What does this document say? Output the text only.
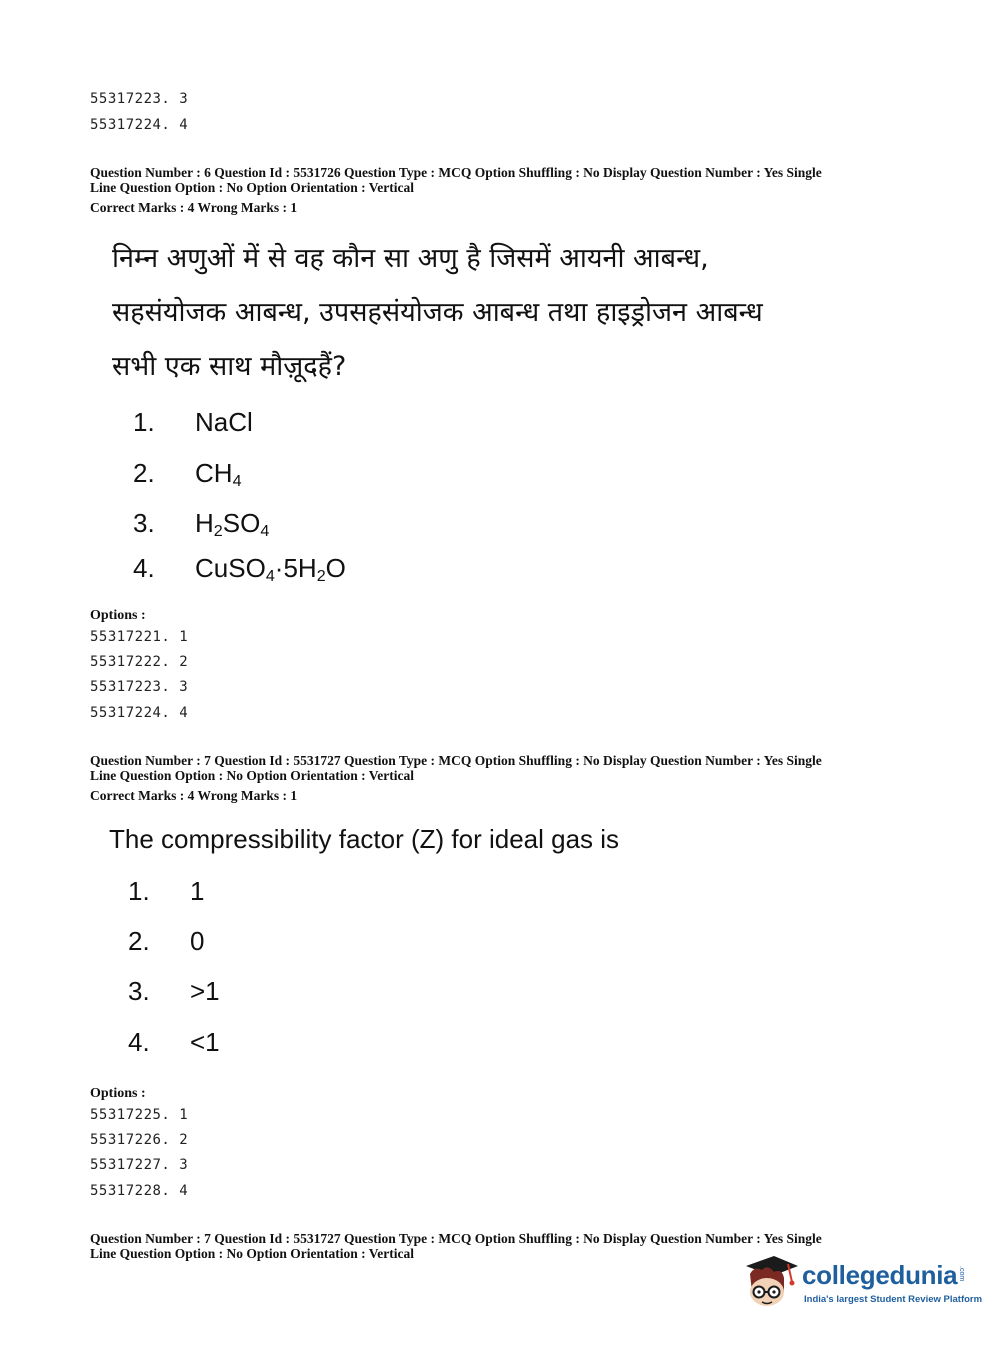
55317223. 3
55317224. 4
Question Number : 6 Question Id : 5531726 Question Type : MCQ Option Shuffling : No Display Question Number : Yes Single
Line Question Option : No Option Orientation : Vertical
Correct Marks : 4 Wrong Marks : 1
निम्न अणुओं में से वह कौन सा अणु है जिसमें आयनी आबन्ध,
सहसंयोजक आबन्ध, उपसहसंयोजक आबन्ध तथा हाइड्रोजन आबन्ध
सभी एक साथ मौज़ूदहैं?
1. NaCl
2. $CH_4$
3. $H_2SO_4$
4. $CuSO_4\cdot 5H_2O$
Options :
55317221. 1
55317222. 2
55317223. 3
55317224. 4
Question Number : 7 Question Id : 5531727 Question Type : MCQ Option Shuffling : No Display Question Number : Yes Single
Line Question Option : No Option Orientation : Vertical
Correct Marks : 4 Wrong Marks : 1
The compressibility factor (Z) for ideal gas is
1. 1
2. 0
3. >1
4. <1
Options :
55317225. 1
55317226. 2
55317227. 3
55317228. 4
Question Number : 7 Question Id : 5531727 Question Type : MCQ Option Shuffling : No Display Question Number : Yes Single
Line Question Option : No Option Orientation : Vertical
collegedunia .com
India's largest Student Review Platform
